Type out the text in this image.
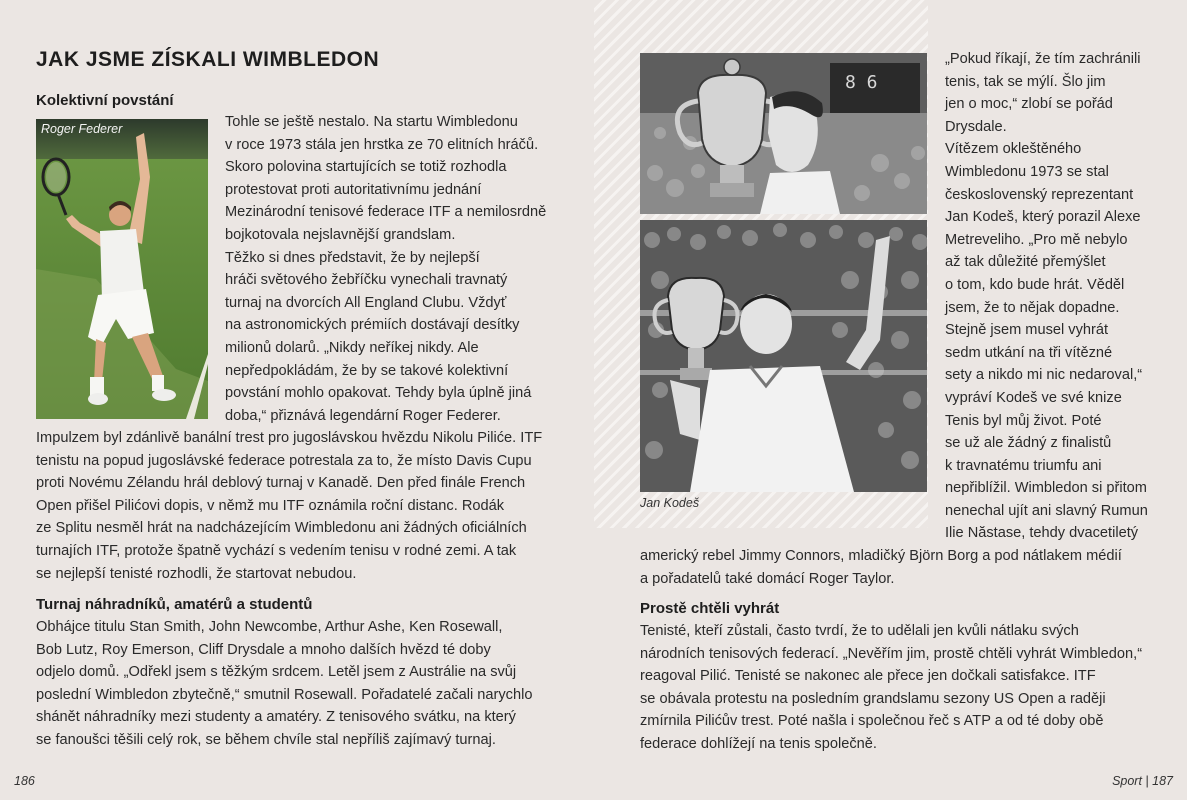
JAK JSME ZÍSKALI WIMBLEDON
Kolektivní povstání
Roger Federer	Tohle se ještě nestalo. Na startu Wimbledonu
v roce 1973 stála jen hrstka ze 70 elitních hráčů.
Skoro polovina startujících se totiž rozhodla
protestovat proti autoritativnímu jednání
Mezinárodní tenisové federace ITF a nemilosrdně
bojkotovala nejslavnější grandslam.
Těžko si dnes představit, že by nejlepší
hráči světového žebříčku vynechali travnatý
turnaj na dvorcích All England Clubu. Vždyť
na astronomických prémiích dostávají desítky
milionů dolarů. „Nikdy neříkej nikdy. Ale
nepředpokládám, že by se takové kolektivní
povstání mohlo opakovat. Tehdy byla úplně jiná
doba,“ přiznává legendární Roger Federer.
Impulzem byl zdánlivě banální trest pro jugoslávskou hvězdu Nikolu Piliće. ITF
tenistu na popud jugoslávské federace potrestala za to, že místo Davis Cupu
proti Novému Zélandu hrál deblový turnaj v Kanadě. Den před finále French
Open přišel Pilićovi dopis, v němž mu ITF oznámila roční distanc. Rodák
ze Splitu nesměl hrát na nadcházejícím Wimbledonu ani žádných oficiálních
turnajích ITF, protože špatně vychází s vedením tenisu v rodné zemi. A tak
se nejlepší tenisté rozhodli, že startovat nebudou.
Turnaj náhradníků, amatérů a studentů
Obhájce titulu Stan Smith, John Newcombe, Arthur Ashe, Ken Rosewall,
Bob Lutz, Roy Emerson, Cliff Drysdale a mnoho dalších hvězd té doby
odjelo domů. „Odřekl jsem s těžkým srdcem. Letěl jsem z Austrálie na svůj
poslední Wimbledon zbytečně,“ smutnil Rosewall. Pořadatelé začali narychlo
shánět náhradníky mezi studenty a amatéry. Z tenisového svátku, na který
se fanoušci těšili celý rok, se během chvíle stal nepříliš zajímavý turnaj.
186
8 6
Jan Kodeš
„Pokud říkají, že tím zachránili
tenis, tak se mýlí. Šlo jim
jen o moc,“ zlobí se pořád
Drysdale.
Vítězem okleštěného
Wimbledonu 1973 se stal
československý reprezentant
Jan Kodeš, který porazil Alexe
Metreveliho. „Pro mě nebylo
až tak důležité přemýšlet
o tom, kdo bude hrát. Věděl
jsem, že to nějak dopadne.
Stejně jsem musel vyhrát
sedm utkání na tři vítězné
sety a nikdo mi nic nedaroval,“
vypráví Kodeš ve své knize
Tenis byl můj život. Poté
se už ale žádný z finalistů
k travnatému triumfu ani
nepřiblížil. Wimbledon si přitom
nenechal ujít ani slavný Rumun
Ilie Năstase, tehdy dvacetiletý
americký rebel Jimmy Connors, mladičký Björn Borg a pod nátlakem médií
a pořadatelů také domácí Roger Taylor.
Prostě chtěli vyhrát
Tenisté, kteří zůstali, často tvrdí, že to udělali jen kvůli nátlaku svých
národních tenisových federací. „Nevěřím jim, prostě chtěli vyhrát Wimbledon,“
reagoval Pilić. Tenisté se nakonec ale přece jen dočkali satisfakce. ITF
se obávala protestu na posledním grandslamu sezony US Open a raději
zmírnila Pilićův trest. Poté našla i společnou řeč s ATP a od té doby obě
federace dohlížejí na tenis společně.
Sport | 187
